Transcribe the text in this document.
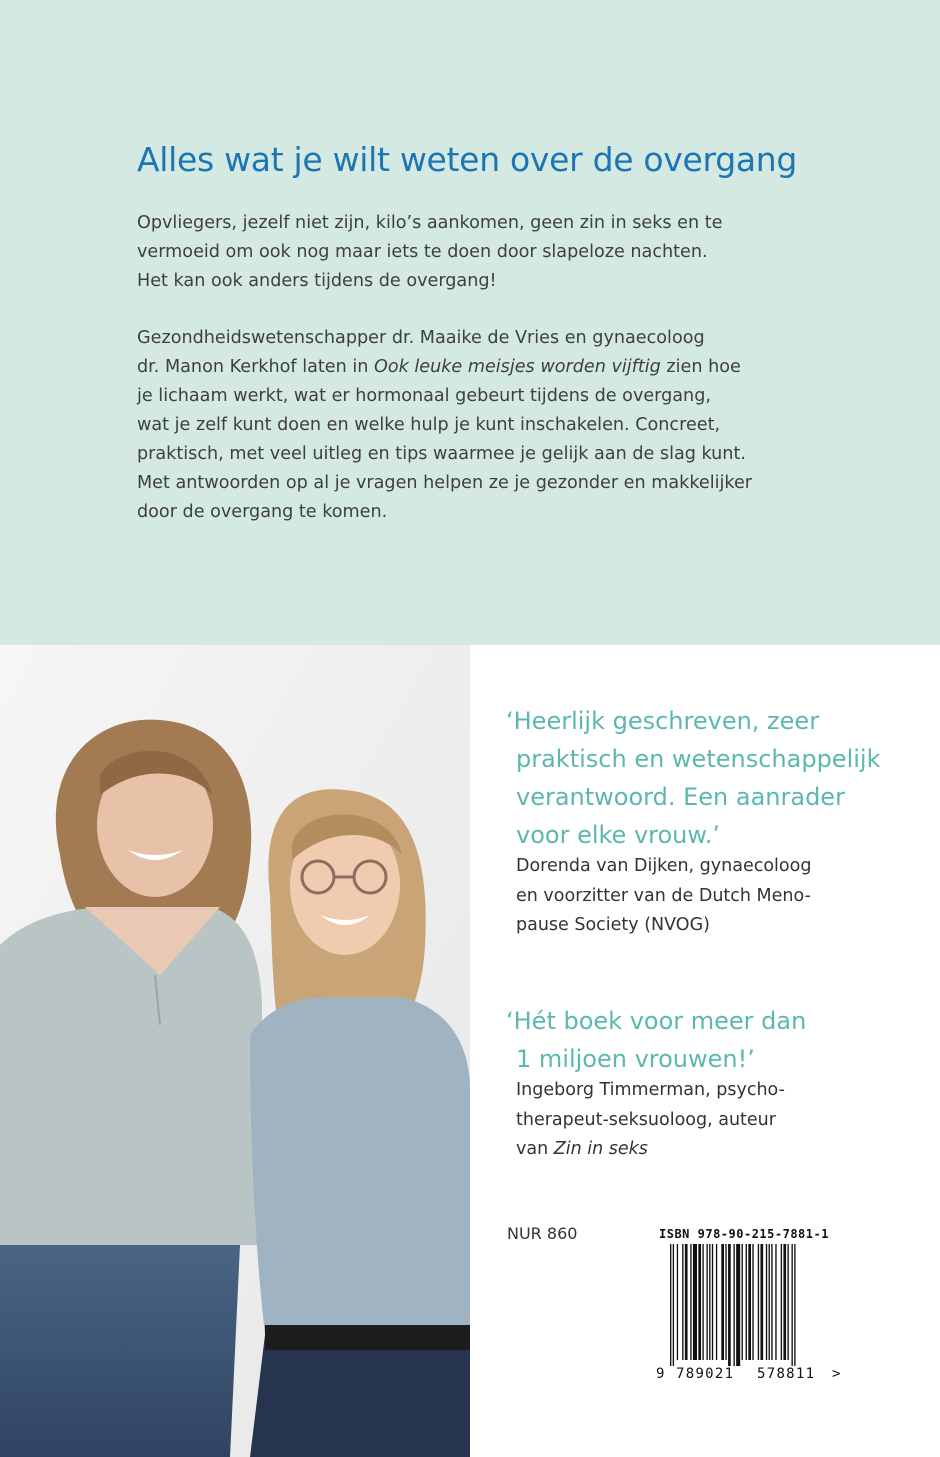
Alles wat je wilt weten over de overgang

Opvliegers, jezelf niet zijn, kilo’s aankomen, geen zin in seks en te
vermoeid om ook nog maar iets te doen door slapeloze nachten.
Het kan ook anders tijdens de overgang!

Gezondheidswetenschapper dr. Maaike de Vries en gynaecoloog
dr. Manon Kerkhof laten in Ook leuke meisjes worden vijftig zien hoe
je lichaam werkt, wat er hormonaal gebeurt tijdens de overgang,
wat je zelf kunt doen en welke hulp je kunt inschakelen. Concreet,
praktisch, met veel uitleg en tips waarmee je gelijk aan de slag kunt.
Met antwoorden op al je vragen helpen ze je gezonder en makkelijker
door de overgang te komen.

‘Heerlijk geschreven, zeer
praktisch en wetenschappelijk
verantwoord. Een aanrader
voor elke vrouw.’

Dorenda van Dijken, gynaecoloog
en voorzitter van de Dutch Meno-
pause Society (NVOG)

‘Hét boek voor meer dan
1 miljoen vrouwen!’

Ingeborg Timmerman, psycho-
therapeut-seksuoloog, auteur
van Zin in seks

NUR 860	ISBN 978-90-215-7881-1

9 789021 578811 >
